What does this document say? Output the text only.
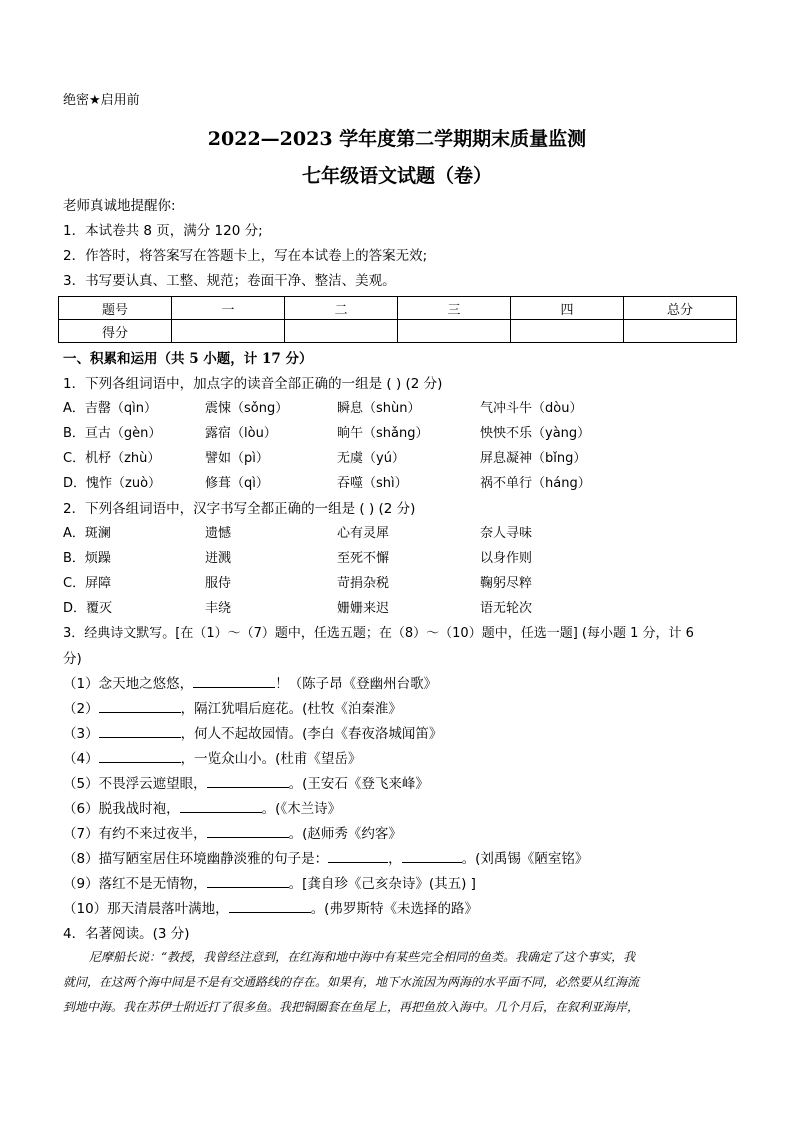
绝密★启用前
2022—2023 学年度第二学期期末质量监测
七年级语文试题（卷）
老师真诚地提醒你:
1．本试卷共 8 页，满分 120 分;
2．作答时，将答案写在答题卡上，写在本试卷上的答案无效;
3．书写要认真、工整、规范；卷面干净、整洁、美观。
题号	一	二	三	四	总分
得分					
一、积累和运用（共 5 小题，计 17 分）
1．下列各组词语中，加点字的读音全部正确的一组是 ( ) (2 分)
A．吉罄（qìn）	震悚（sǒng）	瞬息（shùn）	气冲斗牛（dòu）
B．亘古（gèn）	露宿（lòu）	晌午（shǎng）	怏怏不乐（yàng）
C．机杼（zhù）	譬如（pì）	无虞（yú）	屏息凝神（bǐng）
D．愧怍（zuò）	修葺（qì）	吞噬（shì）	祸不单行（háng）
2．下列各组词语中，汉字书写全都正确的一组是 ( ) (2 分)
A．斑澜	遗憾	心有灵犀	奈人寻味
B．烦躁	迸溅	至死不懈	以身作则
C．屏障	服侍	苛捐杂税	鞠躬尽粹
D．覆灭	丰绕	姗姗来迟	语无轮次
3．经典诗文默写。[在（1）～（7）题中，任选五题；在（8）～（10）题中，任选一题] (每小题 1 分，计 6
分)
（1）念天地之悠悠，	！（陈子昂《登幽州台歌》
（2）	，隔江犹唱后庭花。(杜牧《泊秦淮》
（3）	，何人不起故园情。(李白《春夜洛城闻笛》
（4）	，一览众山小。(杜甫《望岳》
（5）不畏浮云遮望眼，	。(王安石《登飞来峰》
（6）脱我战时袍，	。(《木兰诗》
（7）有约不来过夜半，	。(赵师秀《约客》
（8）描写陋室居住环境幽静淡雅的句子是：	，	。(刘禹锡《陋室铭》
（9）落红不是无情物，	。[龚自珍《己亥杂诗》(其五) ]
（10）那天清晨落叶满地，	。(弗罗斯特《未选择的路》
4．名著阅读。(3 分)
尼摩船长说：“教授，我曾经注意到，在红海和地中海中有某些完全相同的鱼类。我确定了这个事实，我
就问，在这两个海中间是不是有交通路线的存在。如果有，地下水流因为两海的水平面不同，必然要从红海流
到地中海。我在苏伊士附近打了很多鱼。我把铜圈套在鱼尾上，再把鱼放入海中。几个月后，在叙利亚海岸，
